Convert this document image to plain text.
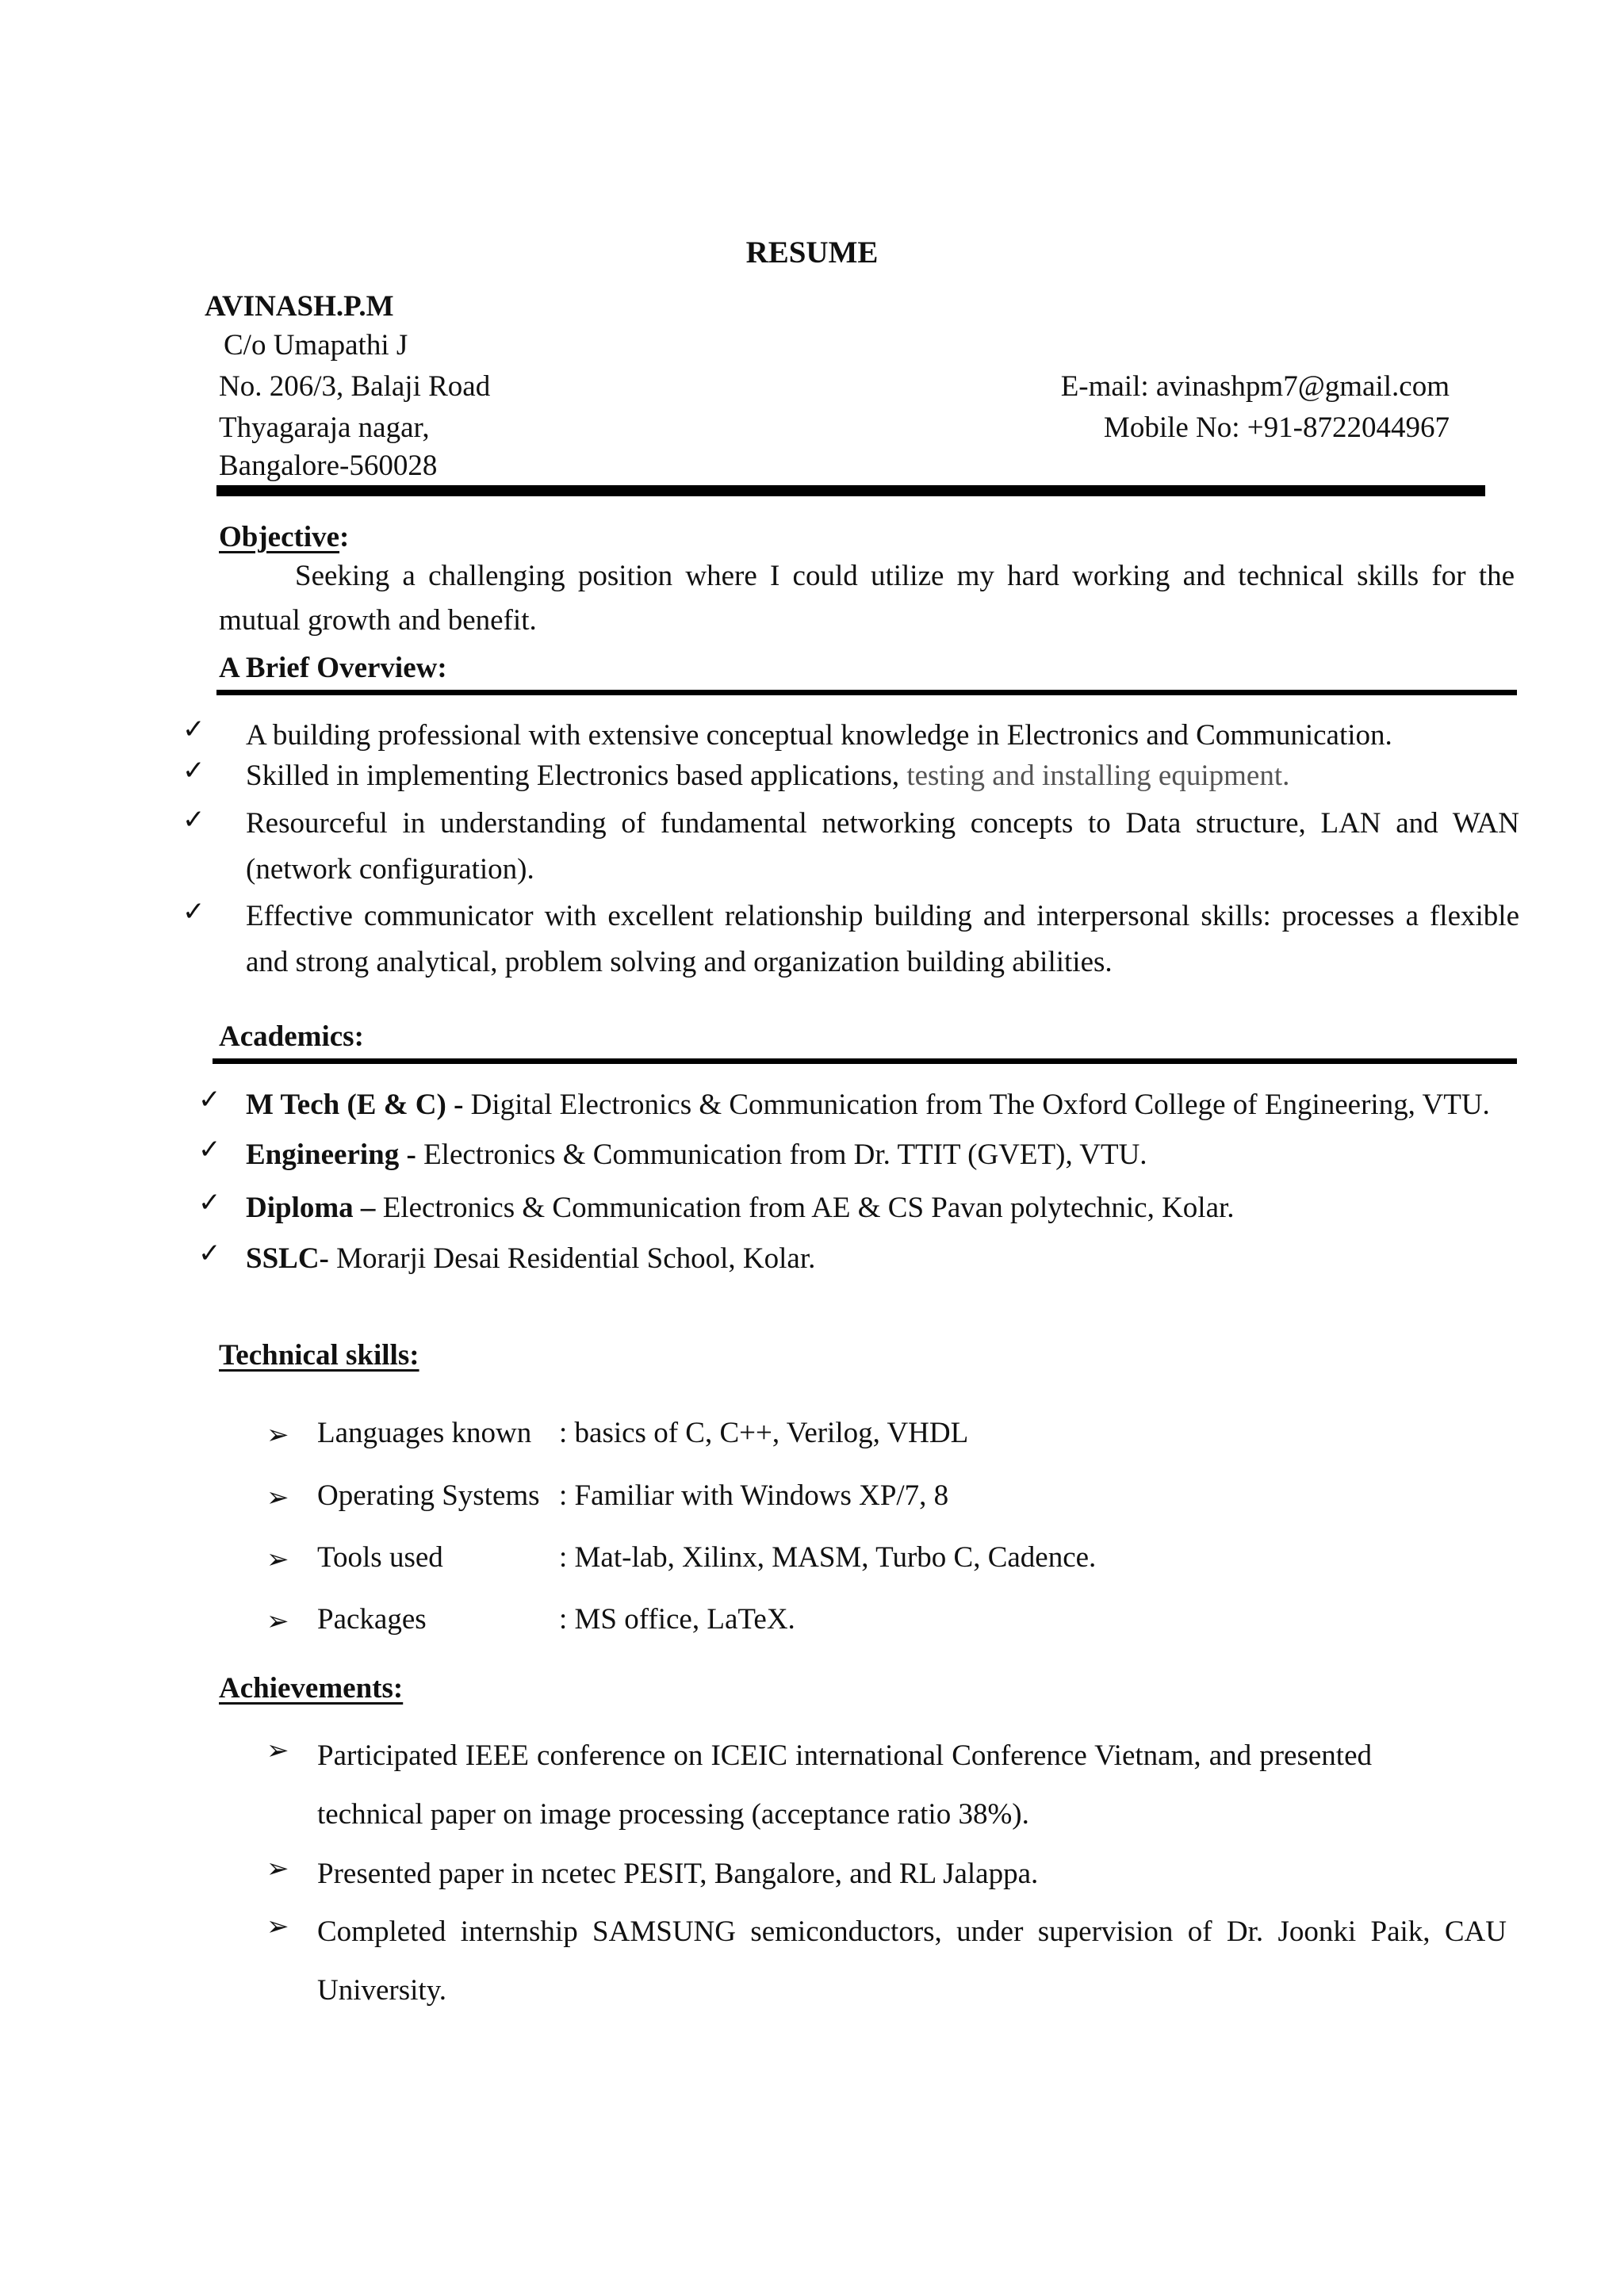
RESUME
AVINASH.P.M
C/o Umapathi J
No. 206/3, Balaji Road
Thyagaraja nagar,
Bangalore-560028
E-mail: avinashpm7@gmail.com
Mobile No: +91-8722044967
Objective:
Seeking a challenging position where I could utilize my hard working and technical skills for the mutual growth and benefit.
A Brief Overview:
✓ A building professional with extensive conceptual knowledge in Electronics and Communication.
✓ Skilled in implementing Electronics based applications, testing and installing equipment.
✓ Resourceful in understanding of fundamental networking concepts to Data structure, LAN and WAN (network configuration).
✓ Effective communicator with excellent relationship building and interpersonal skills: processes a flexible and strong analytical, problem solving and organization building abilities.
Academics:
✓ M Tech (E & C) - Digital Electronics & Communication from The Oxford College of Engineering, VTU.
✓ Engineering - Electronics & Communication from Dr. TTIT (GVET), VTU.
✓ Diploma – Electronics & Communication from AE & CS Pavan polytechnic, Kolar.
✓ SSLC- Morarji Desai Residential School, Kolar.
Technical skills:
➢ Languages known : basics of C, C++, Verilog, VHDL
➢ Operating Systems : Familiar with Windows XP/7, 8
➢ Tools used	: Mat-lab, Xilinx, MASM, Turbo C, Cadence.
➢ Packages	: MS office, LaTeX.
Achievements:
➢ Participated IEEE conference on ICEIC international Conference Vietnam, and presented technical paper on image processing (acceptance ratio 38%).
➢ Presented paper in ncetec PESIT, Bangalore, and RL Jalappa.
➢ Completed internship SAMSUNG semiconductors, under supervision of Dr. Joonki Paik, CAU University.
